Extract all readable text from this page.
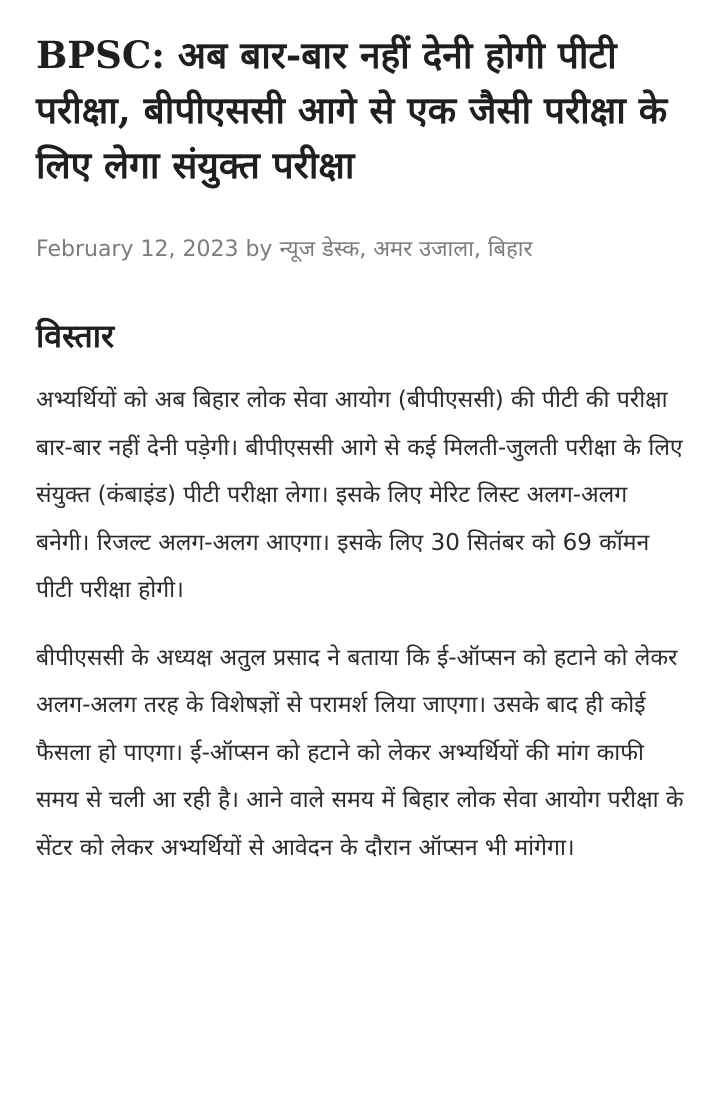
BPSC: अब बार-बार नहीं देनी होगी पीटी परीक्षा, बीपीएससी आगे से एक जैसी परीक्षा के लिए लेगा संयुक्त परीक्षा
February 12, 2023 by न्यूज डेस्क, अमर उजाला, बिहार
विस्तार

अभ्यर्थियों को अब बिहार लोक सेवा आयोग (बीपीएससी) की पीटी की परीक्षा बार-बार नहीं देनी पड़ेगी। बीपीएससी आगे से कई मिलती-जुलती परीक्षा के लिए संयुक्त (कंबाइंड) पीटी परीक्षा लेगा। इसके लिए मेरिट लिस्ट अलग-अलग बनेगी। रिजल्ट अलग-अलग आएगा। इसके लिए 30 सितंबर को 69 कॉमन पीटी परीक्षा होगी।

बीपीएससी के अध्यक्ष अतुल प्रसाद ने बताया कि ई-ऑप्सन को हटाने को लेकर अलग-अलग तरह के विशेषज्ञों से परामर्श लिया जाएगा। उसके बाद ही कोई फैसला हो पाएगा। ई-ऑप्सन को हटाने को लेकर अभ्यर्थियों की मांग काफी समय से चली आ रही है। आने वाले समय में बिहार लोक सेवा आयोग परीक्षा के सेंटर को लेकर अभ्यर्थियों से आवेदन के दौरान ऑप्सन भी मांगेगा।
